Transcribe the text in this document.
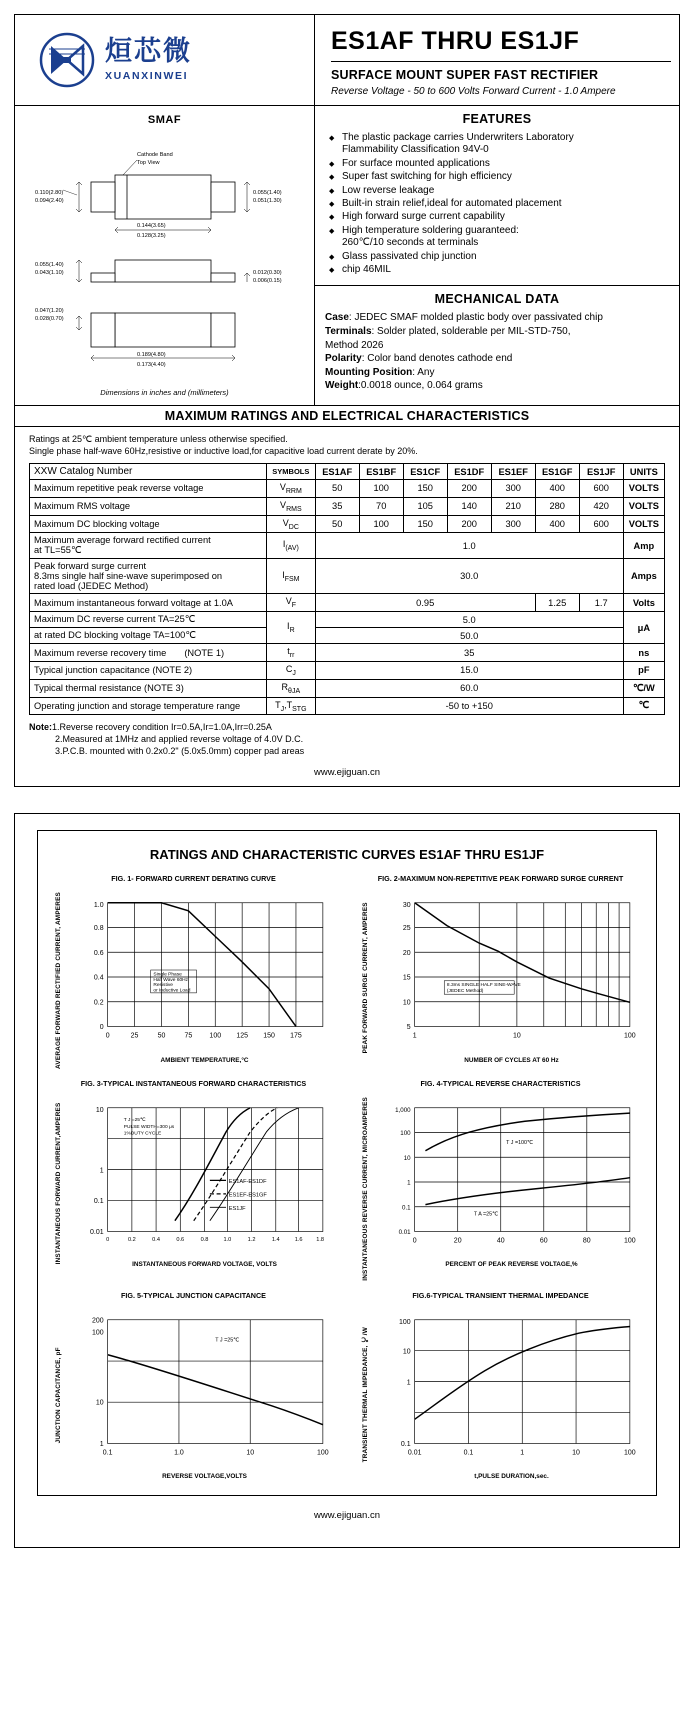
烜芯微
XUANXINWEI
ES1AF THRU ES1JF
SURFACE MOUNT SUPER FAST RECTIFIER
Reverse Voltage - 50 to 600 Volts Forward Current - 1.0 Ampere
SMAF
Cathode Band
Top View
0.110(2.80)
0.094(2.40)
0.055(1.40)
0.051(1.30)
0.144(3.65)
0.128(3.25)
0.055(1.40)
0.043(1.10)	0.012(0.30)
0.006(0.15)
0.047(1.20)
0.028(0.70)
0.189(4.80)
0.173(4.40)
Dimensions in inches and (millimeters)
FEATURES
◆ The plastic package carries Underwriters Laboratory
Flammability Classification 94V-0
◆ For surface mounted applications
◆ Super fast switching for high efficiency
◆ Low reverse leakage
◆ Built-in strain relief,ideal for automated placement
◆ High forward surge current capability
◆ High temperature soldering guaranteed:
260℃/10 seconds at terminals
◆ Glass passivated chip junction
◆ chip 46MIL
MECHANICAL DATA

Case: JEDEC SMAF molded plastic body over passivated chip

Terminals: Solder plated, solderable per MIL-STD-750,

Method 2026

Polarity: Color band denotes cathode end

Mounting Position: Any

Weight:0.0018 ounce, 0.064 grams

MAXIMUM RATINGS AND ELECTRICAL CHARACTERISTICS
Ratings at 25℃ ambient temperature unless otherwise specified.
Single phase half-wave 60Hz,resistive or inductive load,for capacitive load current derate by 20%.
XXW Catalog Number	SYMBOLS	ES1AF	ES1BF	ES1CF	ES1DF	ES1EF	ES1GF	ES1JF	UNITS

Maximum repetitive peak reverse voltage	$V_{RRM}$	50	100	150	200	300	400	600	VOLTS

Maximum RMS voltage	$V_{RMS}$	35	70	105	140	210	280	420	VOLTS

Maximum DC blocking voltage	$V_{DC}$	50	100	150	200	300	400	600	VOLTS

Maximum average forward rectified current
at TL=55℃	$I_{(AV)}$	1.0							Amp

Peak forward surge current
8.3ms single half sine-wave superimposed on
rated load (JEDEC Method)	$I_{FSM}$	30.0							Amps

Maximum instantaneous forward voltage at 1.0A	$V_F$	0.95					1.25	1.7	Volts
Maximum DC reverse current TA=25℃	$I_R$	5.0							μA
at rated DC blocking voltage TA=100℃		50.0							

Maximum reverse recovery time       (NOTE 1)	$t_{rr}$	35							ns

Typical junction capacitance (NOTE 2)	$C_J$	15.0							pF

Typical thermal resistance (NOTE 3)	$R_{\theta JA}$	60.0							℃/W

Operating junction and storage temperature range	$T_J,T_{STG}$	-50 to +150							℃
Note:1.Reverse recovery condition Ir=0.5A,Ir=1.0A,Irr=0.25A
2.Measured at 1MHz and applied reverse voltage of 4.0V D.C.
3.P.C.B. mounted with 0.2x0.2" (5.0x5.0mm) copper pad areas
www.ejiguan.cn
RATINGS AND CHARACTERISTIC CURVES ES1AF THRU ES1JF
FIG. 1- FORWARD CURRENT DERATING CURVE
AVERAGE FORWARD RECTIFIED CURRENT, AMPERES	0
0.2
0.4
0.6
0.8
1.0
0	25	50	75	100	125	150	175
Single Phase
Half Wave 60Hz
Resistive
or Inductive Load
AMBIENT TEMPERATURE,°C
FIG. 2-MAXIMUM NON-REPETITIVE PEAK FORWARD SURGE CURRENT
PEAK FORWARD SURGE CURRENT, AMPERES	5
10
15
20
25
30
1	10	100
8.3ms SINGLE HALF SINE-WAVE
(JEDEC Method)
NUMBER OF CYCLES AT 60 Hz
FIG. 3-TYPICAL INSTANTANEOUS FORWARD CHARACTERISTICS
INSTANTANEOUS FORWARD CURRENT,AMPERES	0.01
0.1
1
10
0	0.2	0.4	0.6	0.8	1.0	1.2	1.4	1.6	1.8
T J =25℃
PULSE WIDTH=300 μs
1%DUTY CYCLE
ES1AF-ES1DF
ES1EF-ES1GF
ES1JF
INSTANTANEOUS FORWARD VOLTAGE, VOLTS
FIG. 4-TYPICAL REVERSE CHARACTERISTICS
INSTANTANEOUS REVERSE CURRENT, MICROAMPERES	0.01
0.1
1
10
100
1,000
0	20	40	60	80	100
T J =100℃
T A =25℃
PERCENT OF PEAK REVERSE VOLTAGE,%
FIG. 5-TYPICAL JUNCTION CAPACITANCE
JUNCTION CAPACITANCE, pF
200
100
10
1
0.1	1.0	10	100
T J =25℃
REVERSE VOLTAGE,VOLTS
FIG.6-TYPICAL TRANSIENT THERMAL IMPEDANCE
TRANSIENT THERMAL IMPEDANCE, ℃/W
100
10
1
0.1
0.01	0.1	1	10	100
t,PULSE DURATION,sec.
www.ejiguan.cn
